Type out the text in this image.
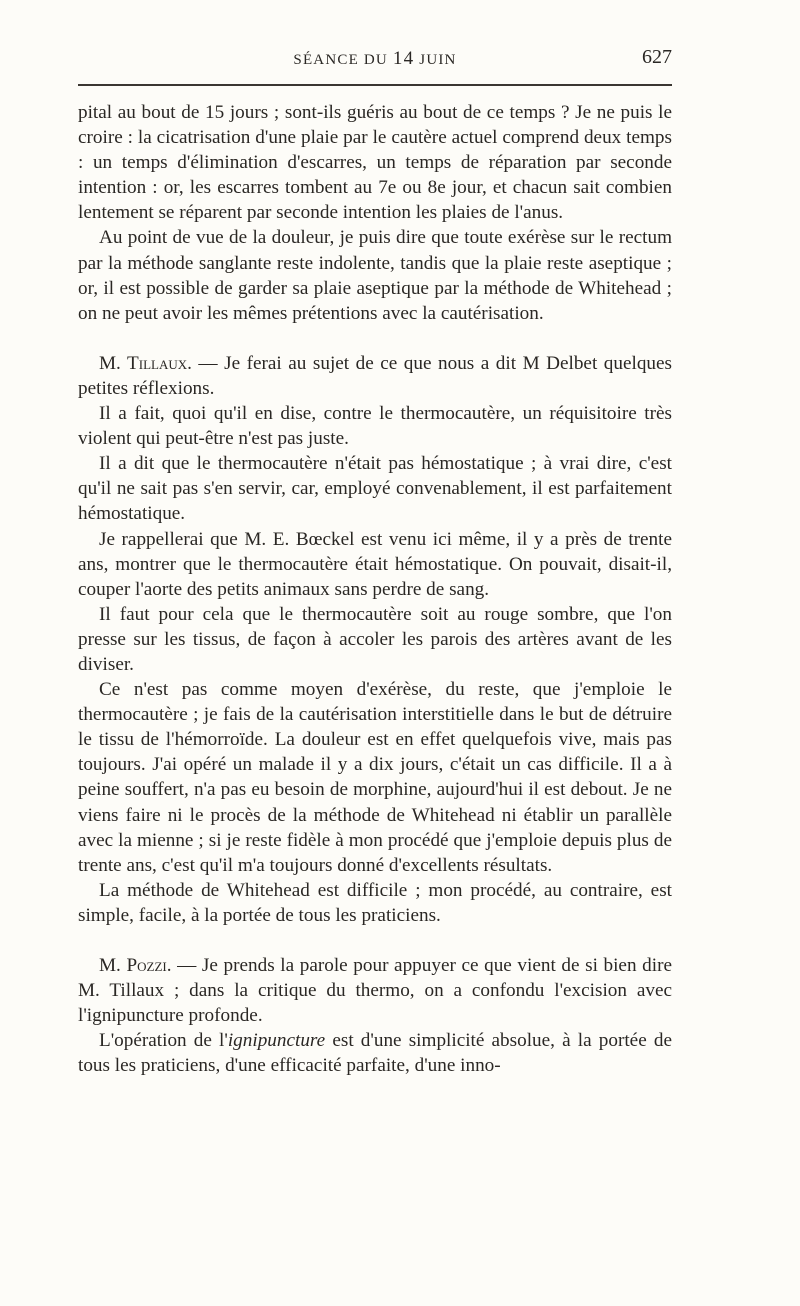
SÉANCE DU 14 JUIN	627

pital au bout de 15 jours ; sont-ils guéris au bout de ce temps ? Je ne puis le croire : la cicatrisation d'une plaie par le cautère actuel comprend deux temps : un temps d'élimination d'escarres, un temps de réparation par seconde intention : or, les escarres tombent au 7e ou 8e jour, et chacun sait combien lentement se réparent par seconde intention les plaies de l'anus.

Au point de vue de la douleur, je puis dire que toute exérèse sur le rectum par la méthode sanglante reste indolente, tandis que la plaie reste aseptique ; or, il est possible de garder sa plaie aseptique par la méthode de Whitehead ; on ne peut avoir les mêmes prétentions avec la cautérisation.

M. Tillaux. — Je ferai au sujet de ce que nous a dit M Delbet quelques petites réflexions.

Il a fait, quoi qu'il en dise, contre le thermocautère, un réquisitoire très violent qui peut-être n'est pas juste.

Il a dit que le thermocautère n'était pas hémostatique ; à vrai dire, c'est qu'il ne sait pas s'en servir, car, employé convenablement, il est parfaitement hémostatique.

Je rappellerai que M. E. Bœckel est venu ici même, il y a près de trente ans, montrer que le thermocautère était hémostatique. On pouvait, disait-il, couper l'aorte des petits animaux sans perdre de sang.

Il faut pour cela que le thermocautère soit au rouge sombre, que l'on presse sur les tissus, de façon à accoler les parois des artères avant de les diviser.

Ce n'est pas comme moyen d'exérèse, du reste, que j'emploie le thermocautère ; je fais de la cautérisation interstitielle dans le but de détruire le tissu de l'hémorroïde. La douleur est en effet quelquefois vive, mais pas toujours. J'ai opéré un malade il y a dix jours, c'était un cas difficile. Il a à peine souffert, n'a pas eu besoin de morphine, aujourd'hui il est debout. Je ne viens faire ni le procès de la méthode de Whitehead ni établir un parallèle avec la mienne ; si je reste fidèle à mon procédé que j'emploie depuis plus de trente ans, c'est qu'il m'a toujours donné d'excellents résultats.

La méthode de Whitehead est difficile ; mon procédé, au contraire, est simple, facile, à la portée de tous les praticiens.

M. Pozzi. — Je prends la parole pour appuyer ce que vient de si bien dire M. Tillaux ; dans la critique du thermo, on a confondu l'excision avec l'ignipuncture profonde.

L'opération de l'ignipuncture est d'une simplicité absolue, à la portée de tous les praticiens, d'une efficacité parfaite, d'une inno-
